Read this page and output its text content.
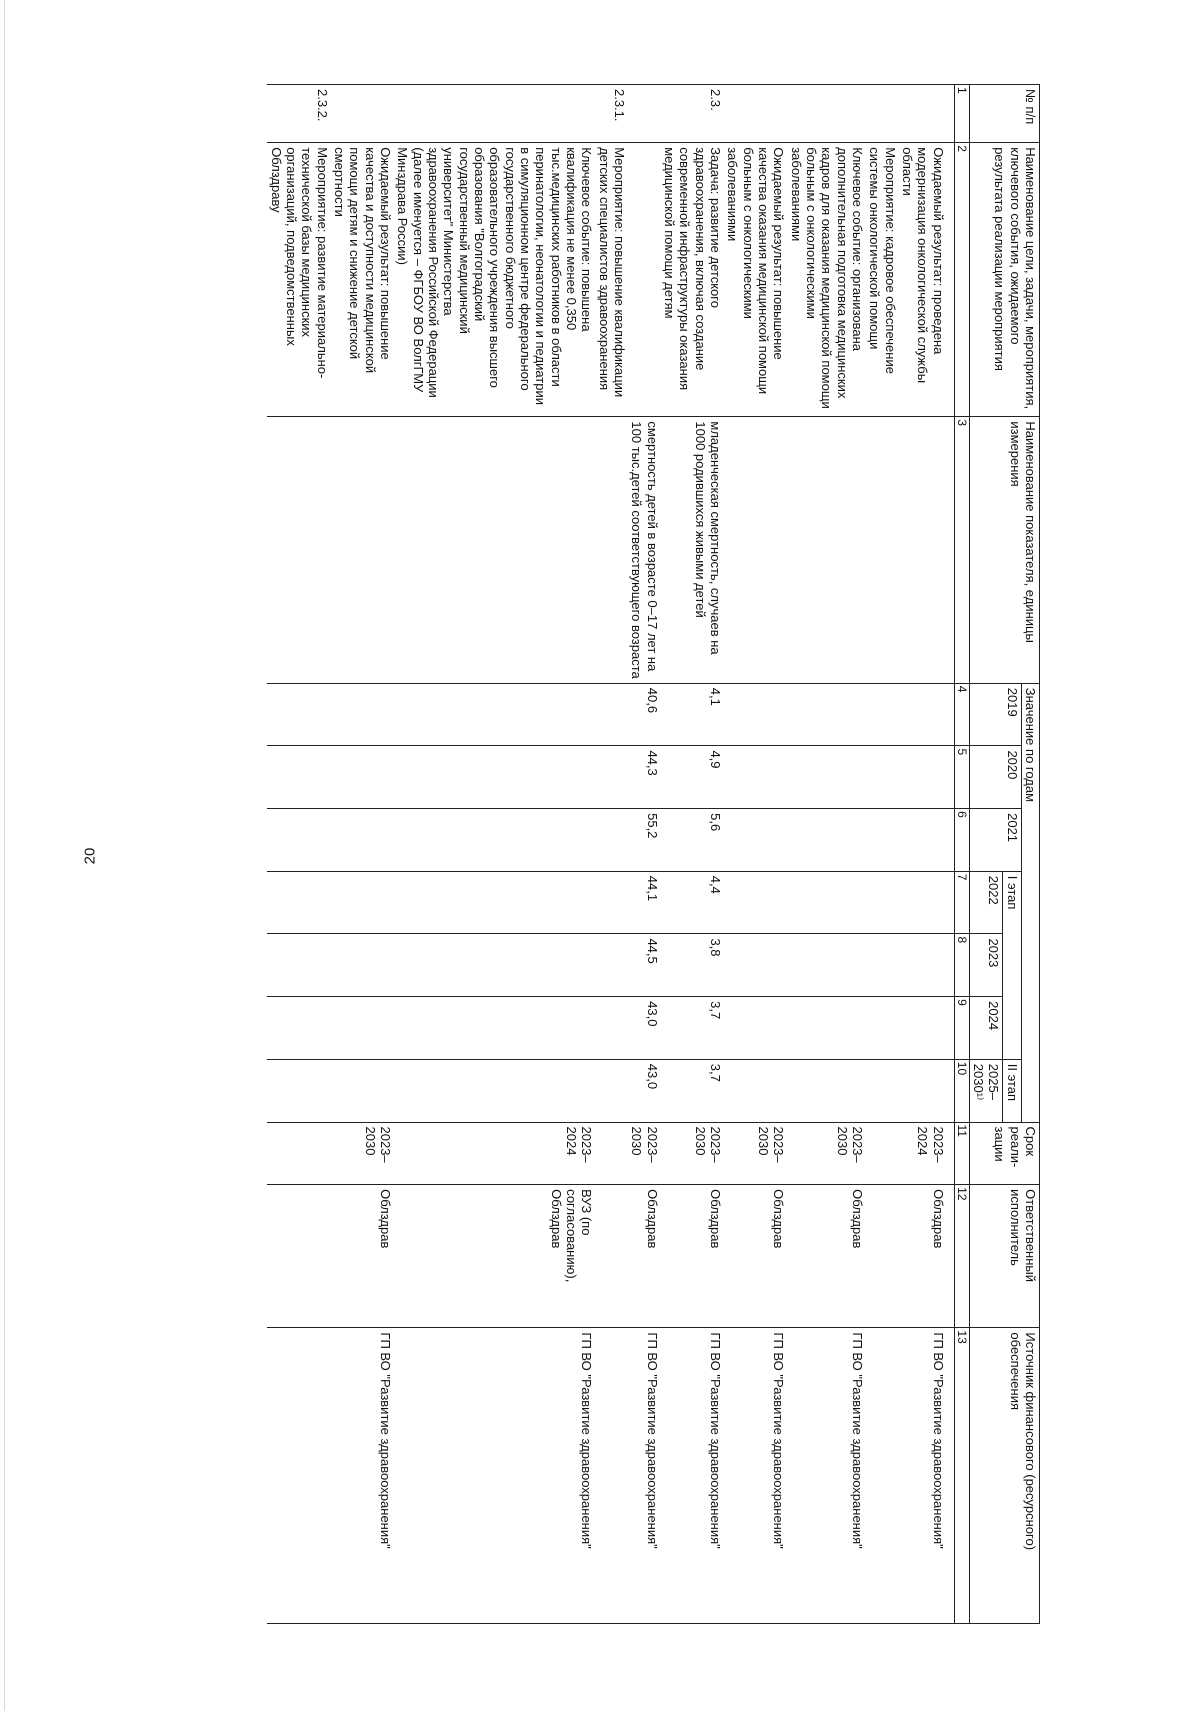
20
№ п/п	Наименование цели, задачи, мероприятия, ключевого события, ожидаемого результата реализации мероприятия	Наименование показателя, единицы измерения	Значение по годам							Срок реали-зации	Ответственный исполнитель	Источник финансового (ресурсного) обеспечения
			2019	2020	2021	I этап			II этап			
						2022	2023	2024	2025–2030¹⁾			
1	2	3	4	5	6	7	8	9	10	11	12	13
	Ожидаемый результат: проведена модернизация онкологической службы области									2023–2024	Облздрав	ГП ВО "Развитие здравоохранения"
	Мероприятие: кадровое обеспечение системы онкологической помощи											
	Ключевое событие: организована дополнительная подготовка медицинских кадров для оказания медицинской помощи больным с онкологическими заболеваниями									2023–2030	Облздрав	ГП ВО "Развитие здравоохранения"
	Ожидаемый результат: повышение качества оказания медицинской помощи больным с онкологическими заболеваниями									2023–2030	Облздрав	ГП ВО "Развитие здравоохранения"
2.3.	Задача: развитие детского здравоохранения, включая создание современной инфраструктуры оказания медицинской помощи детям	младенческая смертность, случаев на 1000 родившихся живыми детей	4,1	4,9	5,6	4,4	3,8	3,7	3,7	2023–2030	Облздрав	ГП ВО "Развитие здравоохранения"
		смертность детей в возрасте 0–17 лет на 100 тыс.детей соответствующего возраста	40,6	44,3	55,2	44,1	44,5	43,0	43,0	2023–2030	Облздрав	ГП ВО "Развитие здравоохранения"
2.3.1.	Мероприятие: повышение квалификации детских специалистов здравоохранения											
	Ключевое событие: повышена квалификация не менее 0,350 тыс.медицинских работников в области перинатологии, неонатологии и педиатрии в симуляционном центре федерального государственного бюджетного образовательного учреждения высшего образования "Волгоградский государственный медицинский университет" Министерства здравоохранения Российской Федерации (далее именуется – ФГБОУ ВО ВолгГМУ Минздрава России)									2023–2024	ВУЗ (по согласованию), Облздрав	ГП ВО "Развитие здравоохранения"
	Ожидаемый результат: повышение качества и доступности медицинской помощи детям и снижение детской смертности									2023–2030	Облздрав	ГП ВО "Развитие здравоохранения"
2.3.2.	Мероприятие: развитие материально-технической базы медицинских организаций, подведомственных Облздраву											
